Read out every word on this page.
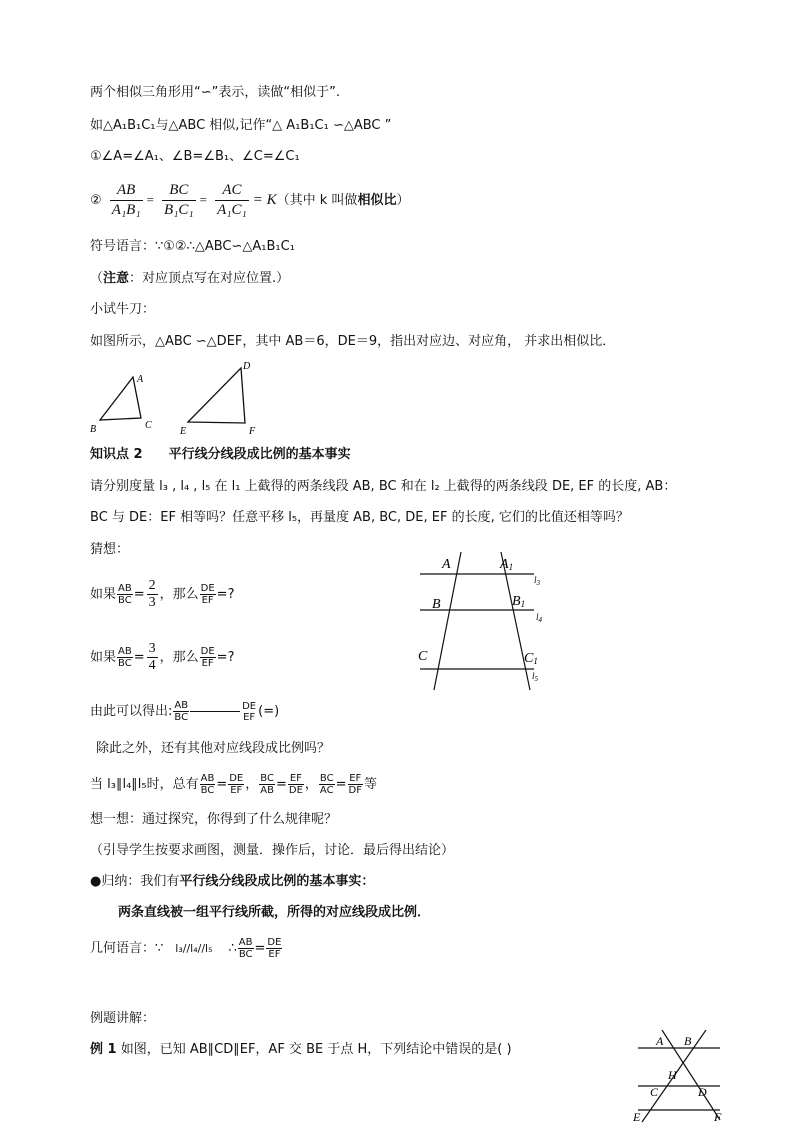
两个相似三角形用“∽”表示，读做“相似于”.
如△A₁B₁C₁与△ABC 相似,记作“△ A₁B₁C₁ ∽△ABC ”
①∠A=∠A₁、∠B=∠B₁、∠C=∠C₁
② $\frac{AB}{\text{A₁B₁}} = \frac{BC}{\text{B₁C₁}} = \frac{AC}{\text{A₁C₁}} = K$（其中 k 叫做相似比）
符号语言：∵①②∴△ABC∽△A₁B₁C₁
（注意：对应顶点写在对应位置.）
小试牛刀：
如图所示，△ABC ∽△DEF，其中 AB＝6，DE＝9，指出对应边、对应角， 并求出相似比．
A
B	C
D
E	F
知识点 2 平行线分线段成比例的基本事实
请分别度量 l₃ , l₄ , l₅ 在 l₁ 上截得的两条线段 AB, BC 和在 l₂ 上截得的两条线段 DE, EF 的长度, AB：
BC 与 DE：EF 相等吗？任意平移 l₅，再量度 AB, BC, DE, EF 的长度, 它们的比值还相等吗？
猜想：
如果 $\frac{AB}{BC} = \frac{2}{3}$ ，那么 $\frac{DE}{EF}$ =?
如果 $\frac{AB}{BC} = \frac{3}{4}$ ，那么 $\frac{DE}{EF}$ =?
A	A1
B	B1
C	C1
$l_3$
$l_4$
$l_5$
由此可以得出: $\frac{AB}{BC}$	DE
EF (=)
除此之外，还有其他对应线段成比例吗？
当 l₃∥l₄∥l₅时，总有 $\frac{AB}{BC} = \frac{DE}{EF}$ ， $\frac{BC}{AB} = \frac{EF}{DE}$ ， $\frac{BC}{AC} = \frac{EF}{DF}$ 等
想一想：通过探究，你得到了什么规律呢？
（引导学生按要求画图，测量．操作后，讨论．最后得出结论）
●归纳：我们有平行线分线段成比例的基本事实：
两条直线被一组平行线所截，所得的对应线段成比例．
几何语言：∵ l₃//l₄//l₅ ∴ $\frac{AB}{BC} = \frac{DE}{EF}$
例题讲解：
例 1 如图，已知 AB∥CD∥EF，AF 交 BE 于点 H，下列结论中错误的是( )
A B
H
C	D
E	F
